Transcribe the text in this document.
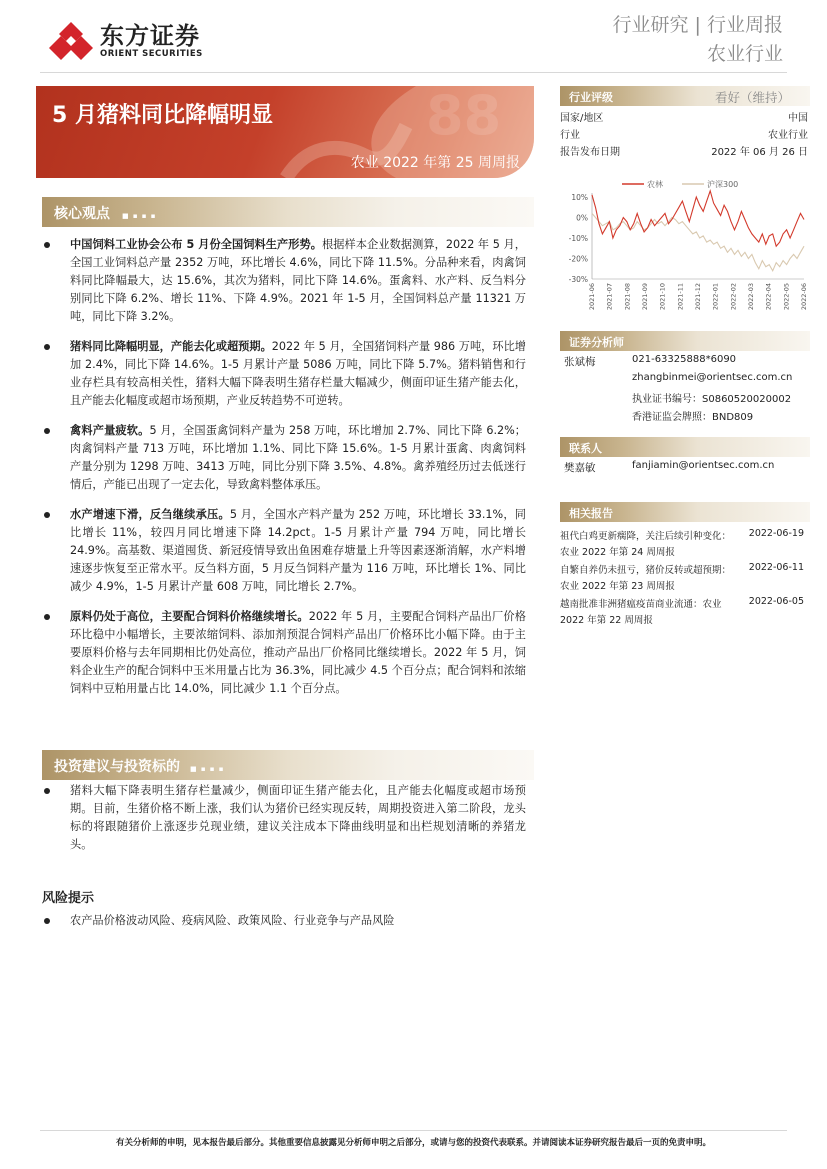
东方证券
ORIENT SECURITIES
行业研究 | 行业周报
农业行业
88
5 月猪料同比降幅明显
农业 2022 年第 25 周周报
核心观点 ■ ▪ ▪ ▪
中国饲料工业协会公布 5 月份全国饲料生产形势。根据样本企业数据测算，2022 年 5 月，全国工业饲料总产量 2352 万吨，环比增长 4.6%，同比下降 11.5%。分品种来看，肉禽饲料同比降幅最大，达 15.6%，其次为猪料，同比下降 14.6%。蛋禽料、水产料、反刍料分别同比下降 6.2%、增长 11%、下降 4.9%。2021 年 1-5 月，全国饲料总产量 11321 万吨，同比下降 3.2%。
猪料同比降幅明显，产能去化或超预期。2022 年 5 月，全国猪饲料产量 986 万吨，环比增加 2.4%，同比下降 14.6%。1-5 月累计产量 5086 万吨，同比下降 5.7%。猪料销售和行业存栏具有较高相关性，猪料大幅下降表明生猪存栏量大幅减少，侧面印证生猪产能去化，且产能去化幅度或超市场预期，产业反转趋势不可逆转。
禽料产量疲软。5 月，全国蛋禽饲料产量为 258 万吨，环比增加 2.7%、同比下降 6.2%；肉禽饲料产量 713 万吨，环比增加 1.1%、同比下降 15.6%。1-5 月累计蛋禽、肉禽饲料产量分别为 1298 万吨、3413 万吨，同比分别下降 3.5%、4.8%。禽养殖经历过去低迷行情后，产能已出现了一定去化，导致禽料整体承压。
水产增速下滑，反刍继续承压。5 月，全国水产料产量为 252 万吨，环比增长 33.1%，同比增长 11%，较四月同比增速下降 14.2pct。1-5 月累计产量 794 万吨，同比增长 24.9%。高基数、渠道囤货、新冠疫情导致出鱼困难存塘量上升等因素逐渐消解，水产料增速逐步恢复至正常水平。反刍料方面，5 月反刍饲料产量为 116 万吨，环比增长 1%、同比减少 4.9%，1-5 月累计产量 608 万吨，同比增长 2.7%。
原料仍处于高位，主要配合饲料价格继续增长。2022 年 5 月，主要配合饲料产品出厂价格环比稳中小幅增长，主要浓缩饲料、添加剂预混合饲料产品出厂价格环比小幅下降。由于主要原料价格与去年同期相比仍处高位，推动产品出厂价格同比继续增长。2022 年 5 月，饲料企业生产的配合饲料中玉米用量占比为 36.3%，同比减少 4.5 个百分点；配合饲料和浓缩饲料中豆粕用量占比 14.0%，同比减少 1.1 个百分点。
投资建议与投资标的 ■ ▪ ▪ ▪
猪料大幅下降表明生猪存栏量减少，侧面印证生猪产能去化，且产能去化幅度或超市场预期。目前，生猪价格不断上涨，我们认为猪价已经实现反转，周期投资进入第二阶段，龙头标的将跟随猪价上涨逐步兑现业绩，建议关注成本下降曲线明显和出栏规划清晰的养猪龙头。
风险提示
农产品价格波动风险、疫病风险、政策风险、行业竞争与产品风险
行业评级	看好（维持）
国家/地区	中国
行业	农业行业
报告发布日期	2022 年 06 月 26 日
农林	沪深300
10%
0%
-10%
-20%
-30%
2021-06 2021-07 2021-08 2021-09 2021-10 2021-11 2021-12 2022-01 2022-02 2022-03 2022-04 2022-05 2022-06
证券分析师
张斌梅	021-63325888*6090
zhangbinmei@orientsec.com.cn
执业证书编号：S0860520020002
香港证监会牌照：BND809
联系人
樊嘉敏	fanjiamin@orientsec.com.cn
相关报告
祖代白鸡更新瘸降，关注后续引种变化： 2022-06-19
农业 2022 年第 24 周周报
自繁自养仍未扭亏，猪价反转或超预期： 2022-06-11
农业 2022 年第 23 周周报
越南批准非洲猪瘟疫苗商业流通：农业	2022-06-05
2022 年第 22 周周报
有关分析师的申明，见本报告最后部分。其他重要信息披露见分析师申明之后部分，或请与您的投资代表联系。并请阅读本证券研究报告最后一页的免责申明。
